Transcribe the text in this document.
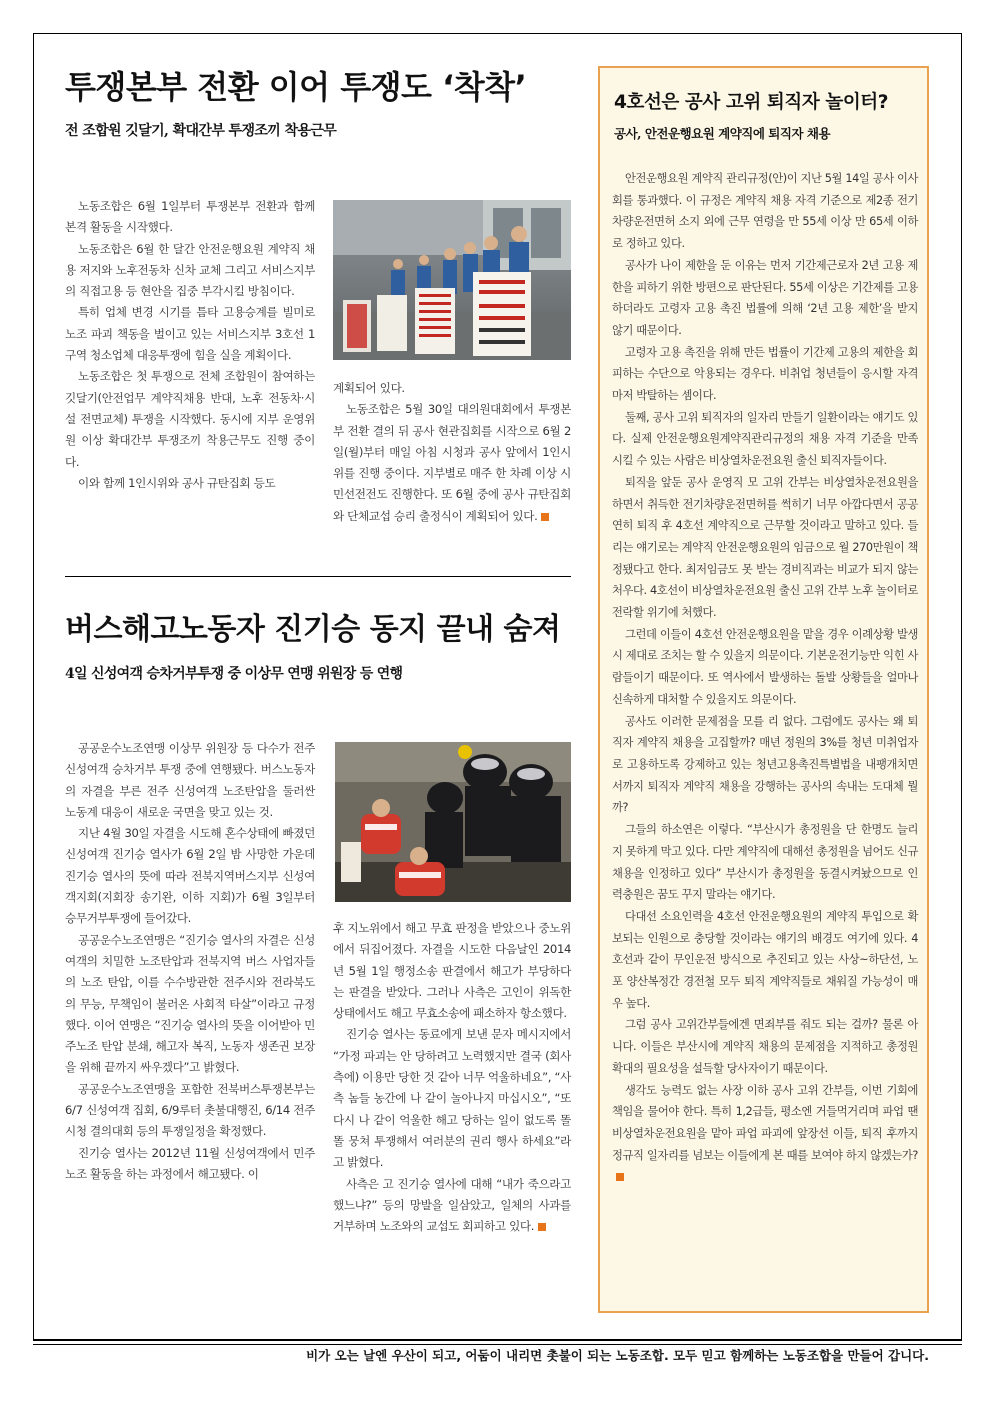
투쟁본부 전환 이어 투쟁도 ‘착착’
전 조합원 깃달기, 확대간부 투쟁조끼 착용근무

노동조합은 6월 1일부터 투쟁본부 전환과 함께 본격 활동을 시작했다.

노동조합은 6월 한 달간 안전운행요원 계약직 채용 저지와 노후전동차 신차 교체 그리고 서비스지부의 직접고용 등 현안을 집중 부각시킬 방침이다.

특히 업체 변경 시기를 틈타 고용승계를 빌미로 노조 파괴 책동을 벌이고 있는 서비스지부 3호선 1구역 청소업체 대응투쟁에 힘을 실을 계획이다.

노동조합은 첫 투쟁으로 전체 조합원이 참여하는 깃달기(안전업무 계약직채용 반대, 노후 전동차·시설 전면교체) 투쟁을 시작했다. 동시에 지부 운영위원 이상 확대간부 투쟁조끼 착용근무도 진행 중이다.

이와 함께 1인시위와 공사 규탄집회 등도

계획되어 있다.

노동조합은 5월 30일 대의원대회에서 투쟁본부 전환 결의 뒤 공사 현관집회를 시작으로 6월 2일(월)부터 매일 아침 시청과 공사 앞에서 1인시위를 진행 중이다. 지부별로 매주 한 차례 이상 시민선전전도 진행한다. 또 6월 중에 공사 규탄집회와 단체교섭 승리 출정식이 계획되어 있다.

버스해고노동자 진기승 동지 끝내 숨져
4일 신성여객 승차거부투쟁 중 이상무 연맹 위원장 등 연행

공공운수노조연맹 이상무 위원장 등 다수가 전주 신성여객 승차거부 투쟁 중에 연행됐다. 버스노동자의 자결을 부른 전주 신성여객 노조탄압을 둘러싼 노동계 대응이 새로운 국면을 맞고 있는 것.

지난 4월 30일 자결을 시도해 혼수상태에 빠졌던 신성여객 진기승 열사가 6월 2일 밤 사망한 가운데 진기승 열사의 뜻에 따라 전북지역버스지부 신성여객지회(지회장 송기완, 이하 지회)가 6월 3일부터 승무거부투쟁에 들어갔다.

공공운수노조연맹은 “진기승 열사의 자결은 신성여객의 치밀한 노조탄압과 전북지역 버스 사업자들의 노조 탄압, 이를 수수방관한 전주시와 전라북도의 무능, 무책임이 불러온 사회적 타살”이라고 규정했다. 이어 연맹은 “진기승 열사의 뜻을 이어받아 민주노조 탄압 분쇄, 해고자 복직, 노동자 생존권 보장을 위해 끝까지 싸우겠다”고 밝혔다.

공공운수노조연맹을 포함한 전북버스투쟁본부는 6/7 신성여객 집회, 6/9루터 촛불대행진, 6/14 전주시청 결의대회 등의 투쟁일정을 확정했다.

진기승 열사는 2012년 11월 신성여객에서 민주노조 활동을 하는 과정에서 해고됐다. 이

후 지노위에서 해고 무효 판정을 받았으나 중노위에서 뒤집어졌다. 자결을 시도한 다음날인 2014년 5월 1일 행정소송 판결에서 해고가 부당하다는 판결을 받았다. 그러나 사측은 고인이 위독한 상태에서도 해고 무효소송에 패소하자 항소했다.

진기승 열사는 동료에게 보낸 문자 메시지에서 “가정 파괴는 안 당하려고 노력했지만 결국 (회사측에) 이용만 당한 것 같아 너무 억울하네요”, “사측 놈들 농간에 나 같이 놀아나지 마십시오”, “또 다시 나 같이 억울한 해고 당하는 일이 없도록 똘똘 뭉쳐 투쟁해서 여러분의 권리 행사 하세요”라고 밝혔다.

사측은 고 진기승 열사에 대해 “내가 죽으라고 했느냐?” 등의 망발을 일삼았고, 일체의 사과를 거부하며 노조와의 교섭도 회피하고 있다.

4호선은 공사 고위 퇴직자 놀이터?
공사, 안전운행요원 계약직에 퇴직자 채용

안전운행요원 계약직 관리규정(안)이 지난 5월 14일 공사 이사회를 통과했다. 이 규정은 계약직 채용 자격 기준으로 제2종 전기차량운전면허 소지 외에 근무 연령을 만 55세 이상 만 65세 이하로 정하고 있다.

공사가 나이 제한을 둔 이유는 먼저 기간제근로자 2년 고용 제한을 피하기 위한 방편으로 판단된다. 55세 이상은 기간제를 고용하더라도 고령자 고용 촉진 법률에 의해 ‘2년 고용 제한’을 받지 않기 때문이다.

고령자 고용 촉진을 위해 만든 법률이 기간제 고용의 제한을 회피하는 수단으로 악용되는 경우다. 비취업 청년들이 응시할 자격마저 박탈하는 셈이다.

둘째, 공사 고위 퇴직자의 일자리 만들기 일환이라는 얘기도 있다. 실제 안전운행요원계약직관리규정의 채용 자격 기준을 만족시킬 수 있는 사람은 비상열차운전요원 출신 퇴직자들이다.

퇴직을 앞둔 공사 운영직 모 고위 간부는 비상열차운전요원을 하면서 취득한 전기차량운전면허를 썩히기 너무 아깝다면서 공공연히 퇴직 후 4호선 계약직으로 근무할 것이라고 말하고 있다. 들리는 얘기로는 계약직 안전운행요원의 임금으로 월 270만원이 책정됐다고 한다. 최저임금도 못 받는 경비직과는 비교가 되지 않는 처우다. 4호선이 비상열차운전요원 출신 고위 간부 노후 놀이터로 전락할 위기에 처했다.

그런데 이들이 4호선 안전운행요원을 맡을 경우 이례상황 발생시 제대로 조치는 할 수 있을지 의문이다. 기본운전기능만 익힌 사람들이기 때문이다. 또 역사에서 발생하는 돌발 상황들을 얼마나 신속하게 대처할 수 있을지도 의문이다.

공사도 이러한 문제점을 모를 리 없다. 그럼에도 공사는 왜 퇴직자 계약직 채용을 고집할까? 매년 정원의 3%를 청년 미취업자로 고용하도록 강제하고 있는 청년고용촉진특별법을 내팽개치면서까지 퇴직자 계약직 채용을 강행하는 공사의 속내는 도대체 뭘까?

그들의 하소연은 이렇다. “부산시가 총정원을 단 한명도 늘리지 못하게 막고 있다. 다만 계약직에 대해선 총정원을 넘어도 신규채용을 인정하고 있다” 부산시가 총정원을 동결시켜놨으므로 인력충원은 꿈도 꾸지 말라는 얘기다.

다대선 소요인력을 4호선 안전운행요원의 계약직 투입으로 확보되는 인원으로 충당할 것이라는 얘기의 배경도 여기에 있다. 4호선과 같이 무인운전 방식으로 추진되고 있는 사상~하단선, 노포 양산복정간 경전철 모두 퇴직 계약직들로 채워질 가능성이 매우 높다.

그럼 공사 고위간부들에겐 면죄부를 줘도 되는 걸까? 물론 아니다. 이들은 부산시에 계약직 채용의 문제점을 지적하고 총정원 확대의 필요성을 설득할 당사자이기 때문이다.

생각도 능력도 없는 사장 이하 공사 고위 간부들, 이번 기회에 책임을 물어야 한다. 특히 1,2급들, 평소엔 거들먹거리며 파업 땐 비상열차운전요원을 맡아 파업 파괴에 앞장선 이들, 퇴직 후까지 정규직 일자리를 넘보는 이들에게 본 때를 보여야 하지 않겠는가?

비가 오는 날엔 우산이 되고, 어둠이 내리면 촛불이 되는 노동조합. 모두 믿고 함께하는 노동조합을 만들어 갑니다.
